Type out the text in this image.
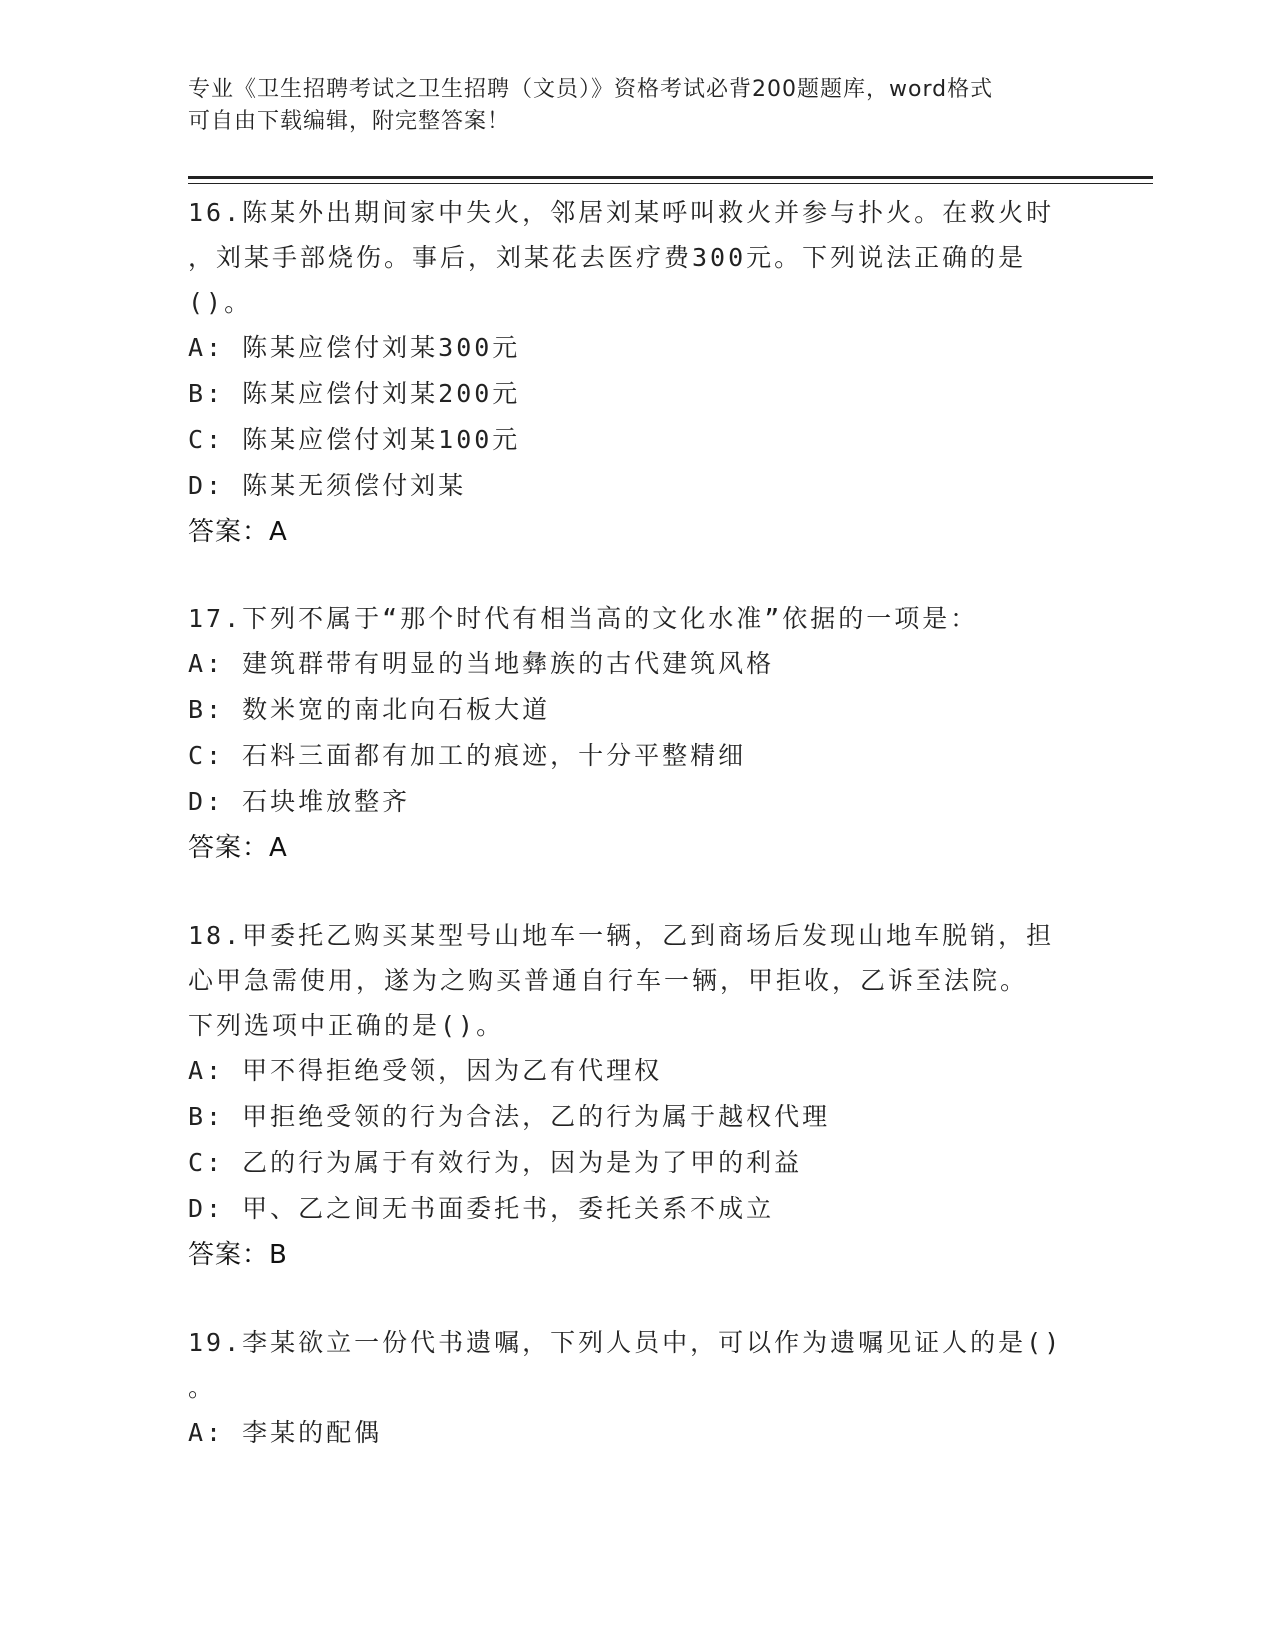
专业《卫生招聘考试之卫生招聘（文员）》资格考试必背200题题库，word格式
可自由下载编辑，附完整答案！
16.陈某外出期间家中失火，邻居刘某呼叫救火并参与扑火。在救火时
，刘某手部烧伤。事后，刘某花去医疗费300元。下列说法正确的是
()。
A: 陈某应偿付刘某300元
B: 陈某应偿付刘某200元
C: 陈某应偿付刘某100元
D: 陈某无须偿付刘某
答案：A
17.下列不属于“那个时代有相当高的文化水准”依据的一项是：
A: 建筑群带有明显的当地彝族的古代建筑风格
B: 数米宽的南北向石板大道
C: 石料三面都有加工的痕迹，十分平整精细
D: 石块堆放整齐
答案：A
18.甲委托乙购买某型号山地车一辆，乙到商场后发现山地车脱销，担
心甲急需使用，遂为之购买普通自行车一辆，甲拒收，乙诉至法院。
下列选项中正确的是()。
A: 甲不得拒绝受领，因为乙有代理权
B: 甲拒绝受领的行为合法，乙的行为属于越权代理
C: 乙的行为属于有效行为，因为是为了甲的利益
D: 甲、乙之间无书面委托书，委托关系不成立
答案：B
19.李某欲立一份代书遗嘱，下列人员中，可以作为遗嘱见证人的是()
。
A: 李某的配偶
